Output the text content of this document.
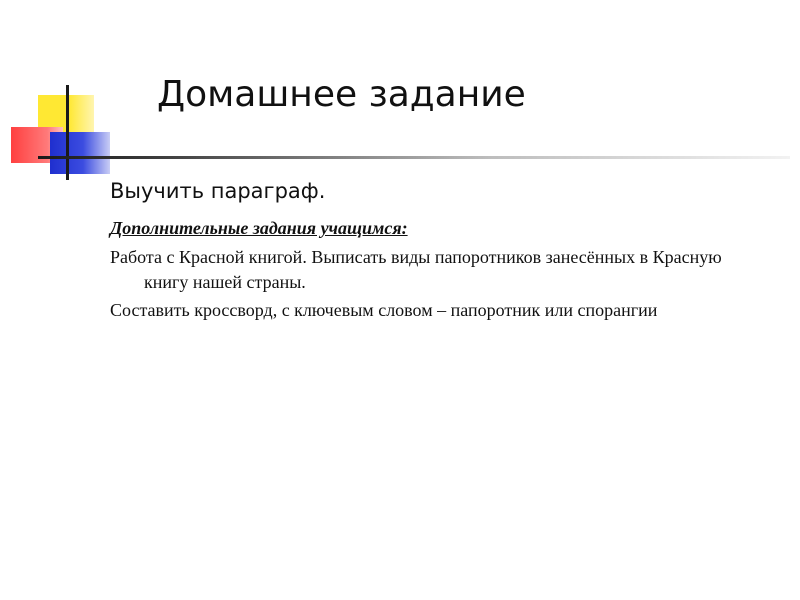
Домашнее задание

Выучить параграф.

Дополнительные задания учащимся:

Работа с Красной книгой. Выписать виды папоротников занесённых в Красную книгу нашей страны.

Составить кроссворд, с ключевым словом – папоротник или спорангии
